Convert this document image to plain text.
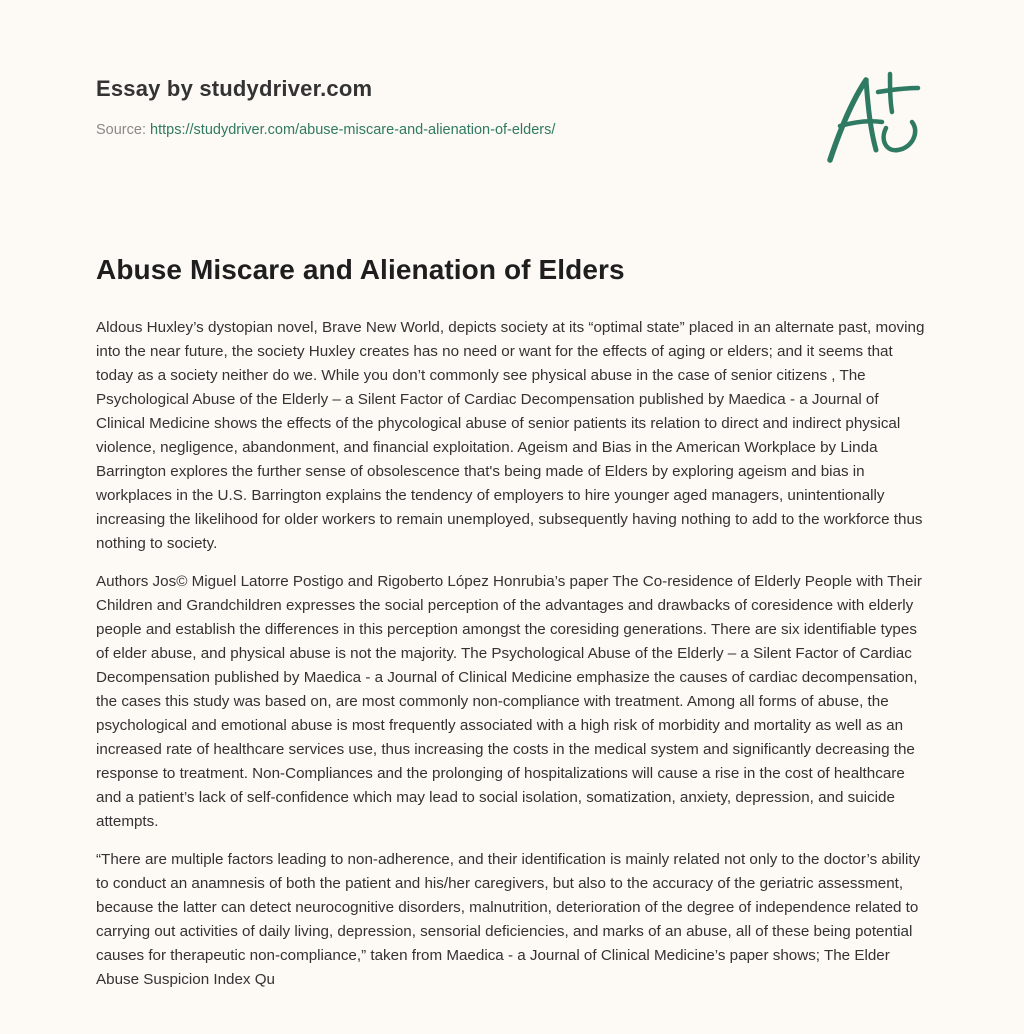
Essay by studydriver.com
Source: https://studydriver.com/abuse-miscare-and-alienation-of-elders/
Abuse Miscare and Alienation of Elders

Aldous Huxley’s dystopian novel, Brave New World, depicts society at its “optimal state” placed in an alternate past, moving into the near future, the society Huxley creates has no need or want for the effects of aging or elders; and it seems that today as a society neither do we. While you don’t commonly see physical abuse in the case of senior citizens , The Psychological Abuse of the Elderly – a Silent Factor of Cardiac Decompensation published by Maedica - a Journal of Clinical Medicine shows the effects of the phycological abuse of senior patients its relation to direct and indirect physical violence, negligence, abandonment, and financial exploitation. Ageism and Bias in the American Workplace by Linda Barrington explores the further sense of obsolescence that's being made of Elders by exploring ageism and bias in workplaces in the U.S. Barrington explains the tendency of employers to hire younger aged managers, unintentionally increasing the likelihood for older workers to remain unemployed, subsequently having nothing to add to the workforce thus nothing to society.

Authors Jos© Miguel Latorre Postigo and Rigoberto López Honrubia’s paper The Co-residence of Elderly People with Their Children and Grandchildren expresses the social perception of the advantages and drawbacks of coresidence with elderly people and establish the differences in this perception amongst the coresiding generations. There are six identifiable types of elder abuse, and physical abuse is not the majority. The Psychological Abuse of the Elderly – a Silent Factor of Cardiac Decompensation published by Maedica - a Journal of Clinical Medicine emphasize the causes of cardiac decompensation, the cases this study was based on, are most commonly non-compliance with treatment. Among all forms of abuse, the psychological and emotional abuse is most frequently associated with a high risk of morbidity and mortality as well as an increased rate of healthcare services use, thus increasing the costs in the medical system and significantly decreasing the response to treatment. Non-Compliances and the prolonging of hospitalizations will cause a rise in the cost of healthcare and a patient’s lack of self-confidence which may lead to social isolation, somatization, anxiety, depression, and suicide attempts.

“There are multiple factors leading to non-adherence, and their identification is mainly related not only to the doctor’s ability to conduct an anamnesis of both the patient and his/her caregivers, but also to the accuracy of the geriatric assessment, because the latter can detect neurocognitive disorders, malnutrition, deterioration of the degree of independence related to carrying out activities of daily living, depression, sensorial deficiencies, and marks of an abuse, all of these being potential causes for therapeutic non-compliance,” taken from Maedica - a Journal of Clinical Medicine’s paper shows; The Elder Abuse Suspicion Index Qu
